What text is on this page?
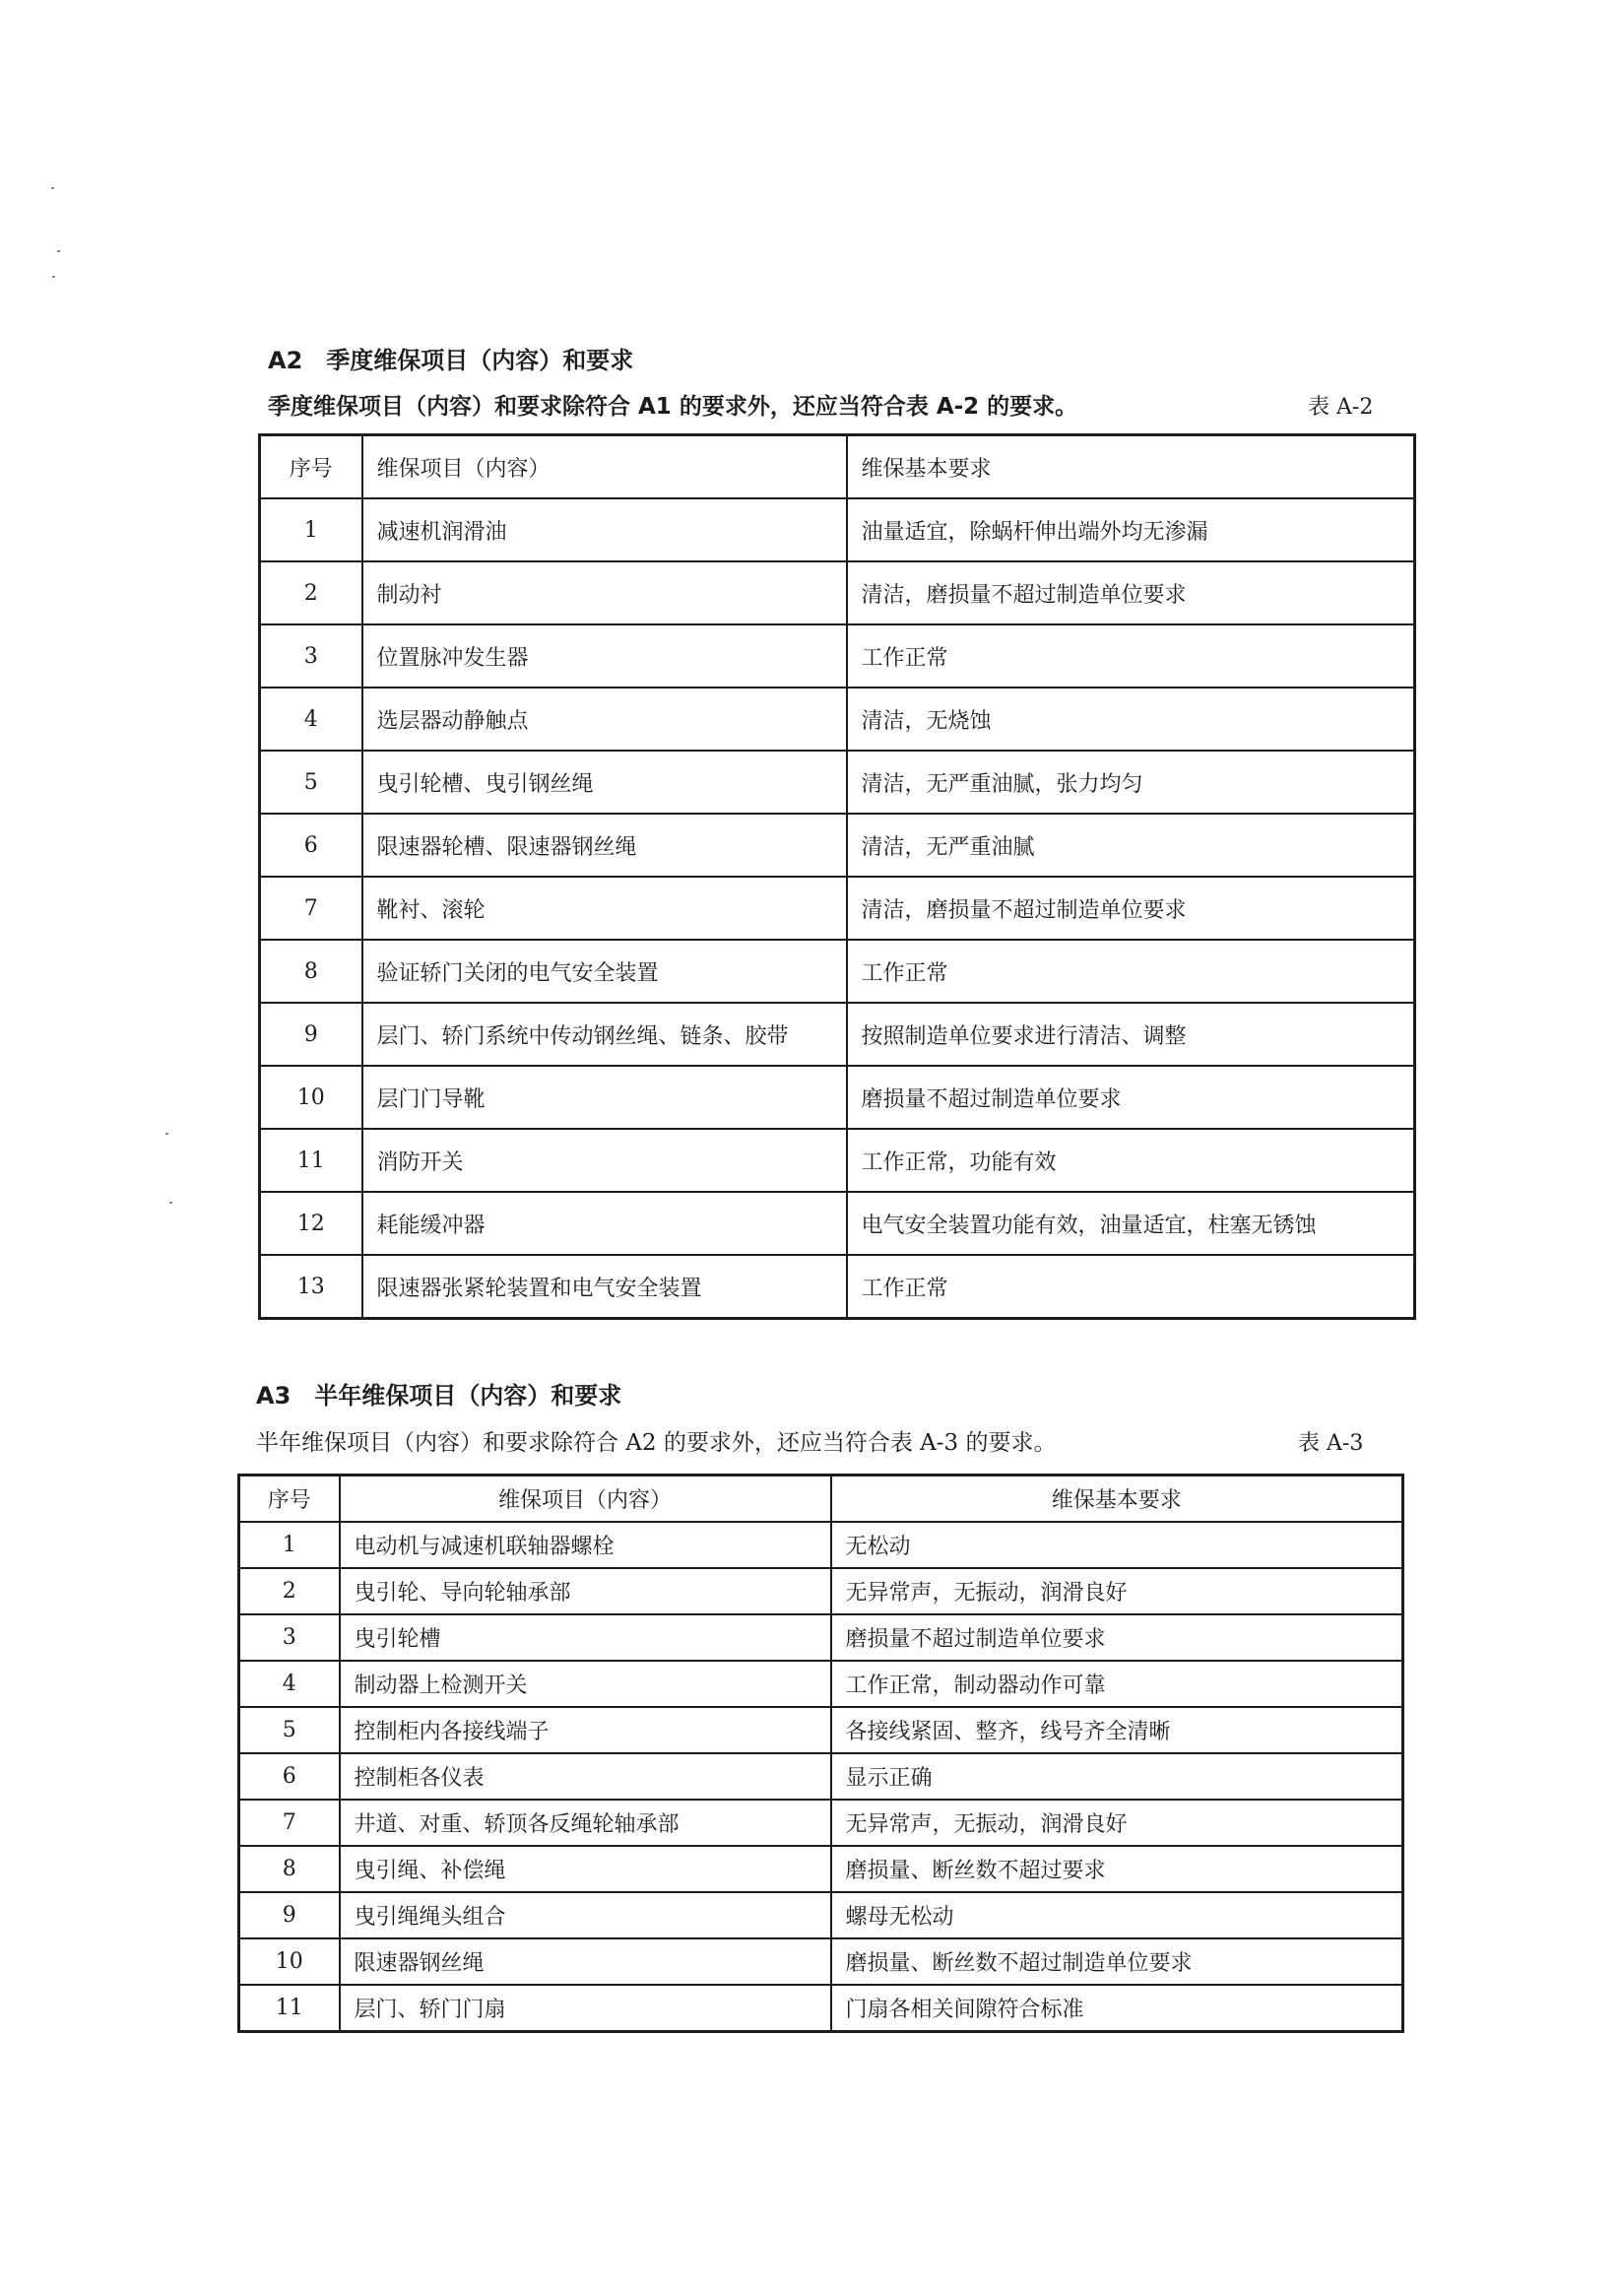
A2　季度维保项目（内容）和要求
季度维保项目（内容）和要求除符合 A1 的要求外，还应当符合表 A-2 的要求。	表 A-2
序号	维保项目（内容）	维保基本要求
1	减速机润滑油	油量适宜，除蜗杆伸出端外均无渗漏
2	制动衬	清洁，磨损量不超过制造单位要求
3	位置脉冲发生器	工作正常
4	选层器动静触点	清洁，无烧蚀
5	曳引轮槽、曳引钢丝绳	清洁，无严重油腻，张力均匀
6	限速器轮槽、限速器钢丝绳	清洁，无严重油腻
7	靴衬、滚轮	清洁，磨损量不超过制造单位要求
8	验证轿门关闭的电气安全装置	工作正常
9	层门、轿门系统中传动钢丝绳、链条、胶带	按照制造单位要求进行清洁、调整
10	层门门导靴	磨损量不超过制造单位要求
11	消防开关	工作正常，功能有效
12	耗能缓冲器	电气安全装置功能有效，油量适宜，柱塞无锈蚀
13	限速器张紧轮装置和电气安全装置	工作正常
A3　半年维保项目（内容）和要求
半年维保项目（内容）和要求除符合 A2 的要求外，还应当符合表 A-3 的要求。	表 A-3
序号	维保项目（内容）	维保基本要求
1	电动机与减速机联轴器螺栓	无松动
2	曳引轮、导向轮轴承部	无异常声，无振动，润滑良好
3	曳引轮槽	磨损量不超过制造单位要求
4	制动器上检测开关	工作正常，制动器动作可靠
5	控制柜内各接线端子	各接线紧固、整齐，线号齐全清晰
6	控制柜各仪表	显示正确
7	井道、对重、轿顶各反绳轮轴承部	无异常声，无振动，润滑良好
8	曳引绳、补偿绳	磨损量、断丝数不超过要求
9	曳引绳绳头组合	螺母无松动
10	限速器钢丝绳	磨损量、断丝数不超过制造单位要求
11	层门、轿门门扇	门扇各相关间隙符合标准
